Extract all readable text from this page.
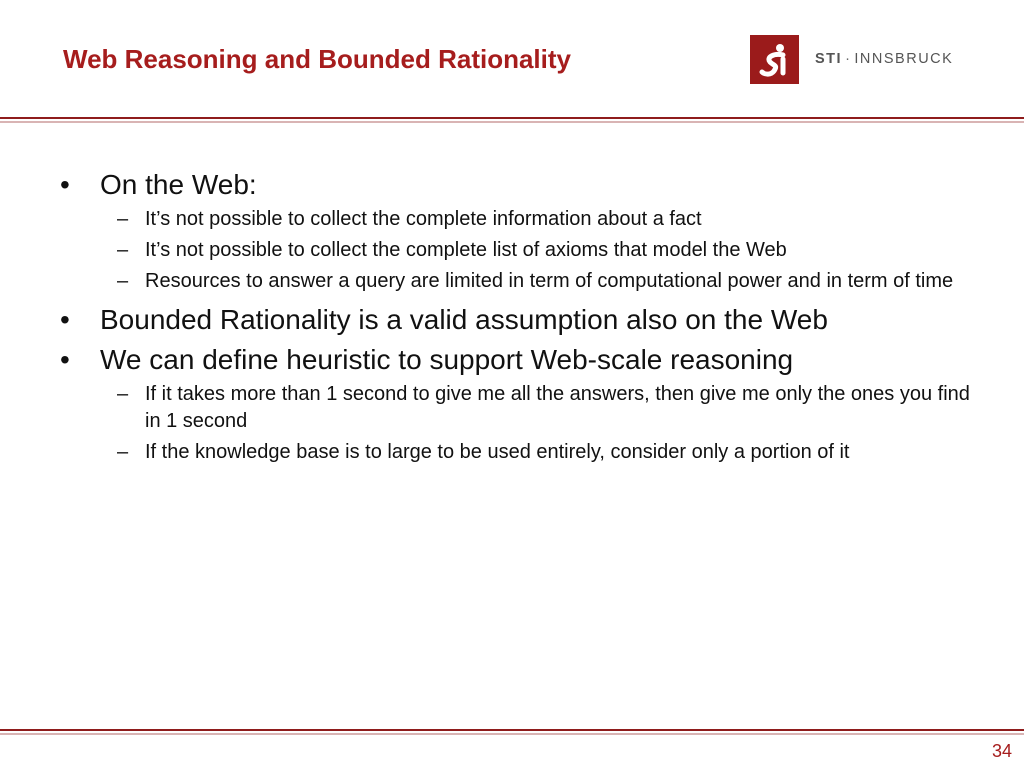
Web Reasoning and Bounded Rationality	STI · INNSBRUCK
• On the Web:
– It’s not possible to collect the complete information about a fact
– It’s not possible to collect the complete list of axioms that model the Web
– Resources to answer a query are limited in term of computational power and in term of time
• Bounded Rationality is a valid assumption also on the Web
• We can define heuristic to support Web-scale reasoning
– If it takes more than 1 second to give me all the answers, then give me only the ones you find in 1 second
– If the knowledge base is to large to be used entirely, consider only a portion of it
34
